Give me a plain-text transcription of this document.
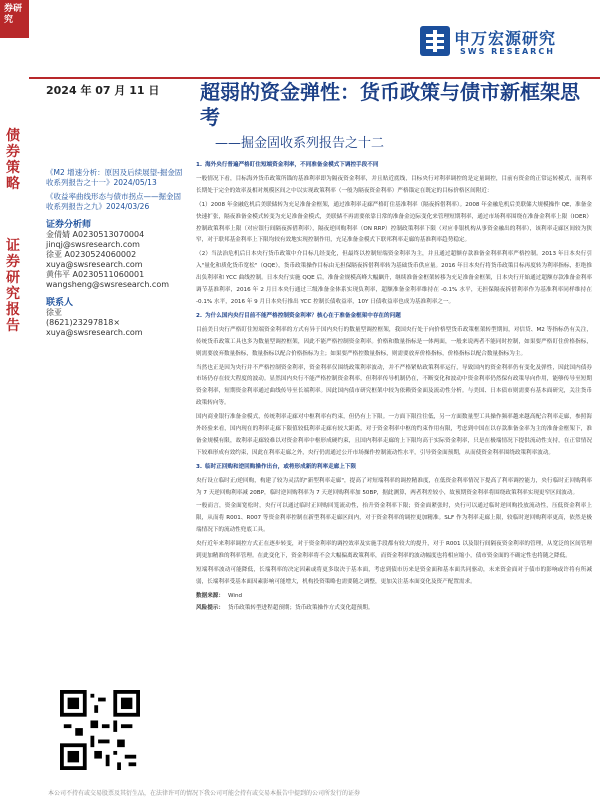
券研究
债券策略
证券研究报告
申万宏源研究
SWS RESEARCH
2024 年 07 月 11 日 超弱的资金弹性：货币政策与债市新框架思考
——掘金固收系列报告之十二
《M2 增速分析：原因及后续展望-掘金固收系列报告之十一》2024/05/13
《收益率曲线形态与债市拐点——掘金固收系列报告之九》2024/03/26
证券分析师
金倩婧 A0230513070004
jinqj@swsresearch.com
徐亚 A0230524060002
xuya@swsresearch.com
黄伟平 A0230511060001
wangsheng@swsresearch.com
联系人
徐亚
(8621)23297818×
xuya@swsresearch.com
本公司不持有或交易股票及其衍生品，在法律许可的情况下我公司可能会持有或交易本报告中提到的公司所发行的证券
1. 海外央行普遍严格盯住短端资金利率，不同准备金模式下调控手段不同

一般情况下看，目标海外货币政策所锚的基准利率即为隔夜资金利率，并且贴近底线，目标央行对利率调控的是定量调控，目前有资金的正常运转模式，而利率长期处于完全的效率及相对规模区间之中以实现政策利率（一般为隔夜资金利率）严格锚定在既定的目标价格区间附近：

（1）2008 年金融危机后美联储转为充足准备金框架，通过准利率走廊严格盯住基准利率（隔夜拆借利率）。2008 年金融危机后美联储大规模操作 QE，准备金快速扩张，隔夜准备金模式转变为充足准备金模式，美联储不再需要依靠日常的准备金边际变化来管理短期利率，通过市场利率围绕在准备金利率上限（IOER）控制政策利率上限（对应银行间隔夜拆借利率），隔夜逆回购利率（ON RRP）控制政策利率下限（对应非银机构从事资金融出的利率），该利率走廊区间较为狭窄，对于联邦基金利率上下限均较有效地实现控制作用，充足准备金模式下联邦利率走廊的基准利率趋势稳定。

（2）当法治危机后日本央行货币政策中介目标几经变化，但最终以控制短端资金利率为主，并且通过超额存款准备金利率利率严格控制。2013 年日本央行引入"量化和质化货币宽松"（QQE），货币政策操作目标由无担保隔夜拆借利率转为基础货币供应量。2016 年日本央行将货币政策目标再度转为利率指标，拒绝推出负利率和 YCC 曲线控制。日本央行实施 QQE 后，准备金规模高峰大幅飙升，继续准备金框架转移为充足准备金框架，日本央行开始通过超额存款准备金利率调节基准利率，2016 年 2 月日本央行通过三级准备金体系实现负利率，超额准备金利率维持在 -0.1% 水平，无担保隔夜拆借利率作为基准利率同样维持在 -0.1% 水平，2016 年 9 月日本央行推出 YCC 控制长债收益率，10Y 日债收益率也成为基准利率之一。

2. 为什么国内央行目前不能严格控制资金利率？核心在于准备金框架中存在的问题

目前美日央行严格盯住短端资金利率的方式有异于国内央行的数量型调控框架，我国央行处于向价格型货币政策框架转型期间，对信贷、M2 等指标仍有关注，传统货币政策工具也多为数量型调控框架，因此不能严格控制资金利率。价格和数量指标是一体两面，一般来说两者不能同时控制，如果要严格盯住价格指标，则需要放弃数量指标，数量指标以配合价格指标为主；如果要严格控数量指标，则需要放弃价格指标，价格指标以配合数量指标为主。

当然也正是因为央行并不严格控制资金利率，资金利率仅围绕政策利率波动，并不严格紧贴政策利率运行，导致国内的资金利率仍有变化及弹性，因此国内债券市场仍存在较大程度的波动。显然国内央行不能严格控制资金利率，但利率传导机制仍在，不断变化和波动中资金利率仍然保有政策导向作用，能够传导至短期资金利率，短期资金利率通过曲线传导至长端利率。因此国内债市研究框架中较为依赖资金面及流动性分析。与美国、日本债市则需要有基本面研究，关注货币政策转向等。

国内商业银行准备金模式，传统利率走廊对中枢利率有约束，但仍有上下限。一方面下限往往低，另一方面数量型工具操作频率越来越高配合利率走廊，参照海外经验来看，国内现在的利率走廊下限值较低利率走廊有较大距离，对于资金利率中枢的约束作用有限，考虑到中国在以存款准备金率为主的准备金框架下，准备金规模有限，故利率走廊较难以对资金利率中枢形成硬约束，且国内利率走廊的上下限均高于实际资金利率，只是在极端情况下提供流动性支持，在正常情况下较难形成有效约束，因此在利率走廊之外，央行仍需通过公开市场操作控制流动性水平，引导资金面预期，从而使资金利率围绕政策利率波动。

3. 临时正回购和逆回购操作出台，或将形成新的利率走廊上下限

央行设立临时正/逆回购，构建了较为灵活的"新型利率走廊"，提高了对短端利率的调控精准度，在低资金利率情况下提高了利率调控能力，央行临时正回购利率为 7 天逆回购利率减 20BP，临时逆回购利率为 7 天逆回购利率加 50BP，据此测算，两者利差较小，故预期资金利率将围绕政策利率实现更窄区间波动。

一般而言，资金面宽松时，央行可以通过临时正回购回笼流动性，抬升资金利率下限；资金面紧张时，央行可以通过临时逆回购投放流动性，压低资金利率上限，从而将 R001、R007 等资金利率控制在新型利率走廊区间内，对于资金利率的调控更加精准。SLF 作为利率走廊上限，较临时逆回购利率更高，依然是极端情况下的流动性兜底工具。

央行近年来利率调控方式正在逐步转变，对于资金利率的调控效率及实施手段都有较大的提升，对于 R001 以及银行间隔夜资金利率的管理，从宽泛的区间管理到更加精准的利率管理。在此变化下，资金利率将不会大幅偏离政策利率，而资金利率的波动幅度也将相应缩小，债市资金面的不确定性也将随之降低。

短端利率波动可能降低，长端利率的决定因素或将更多取决于基本面，考虑到债市历来是资金面和基本面共同驱动，未来资金面对于债市的影响或许将有所减弱，长端利率受基本面因素影响可能增大，机构投资策略也需要随之调整，更加关注基本面变化及资产配置需求。

数据来源： Wind
风险提示： 货币政策转型进程超预期；货币政策操作方式变化超预期。
